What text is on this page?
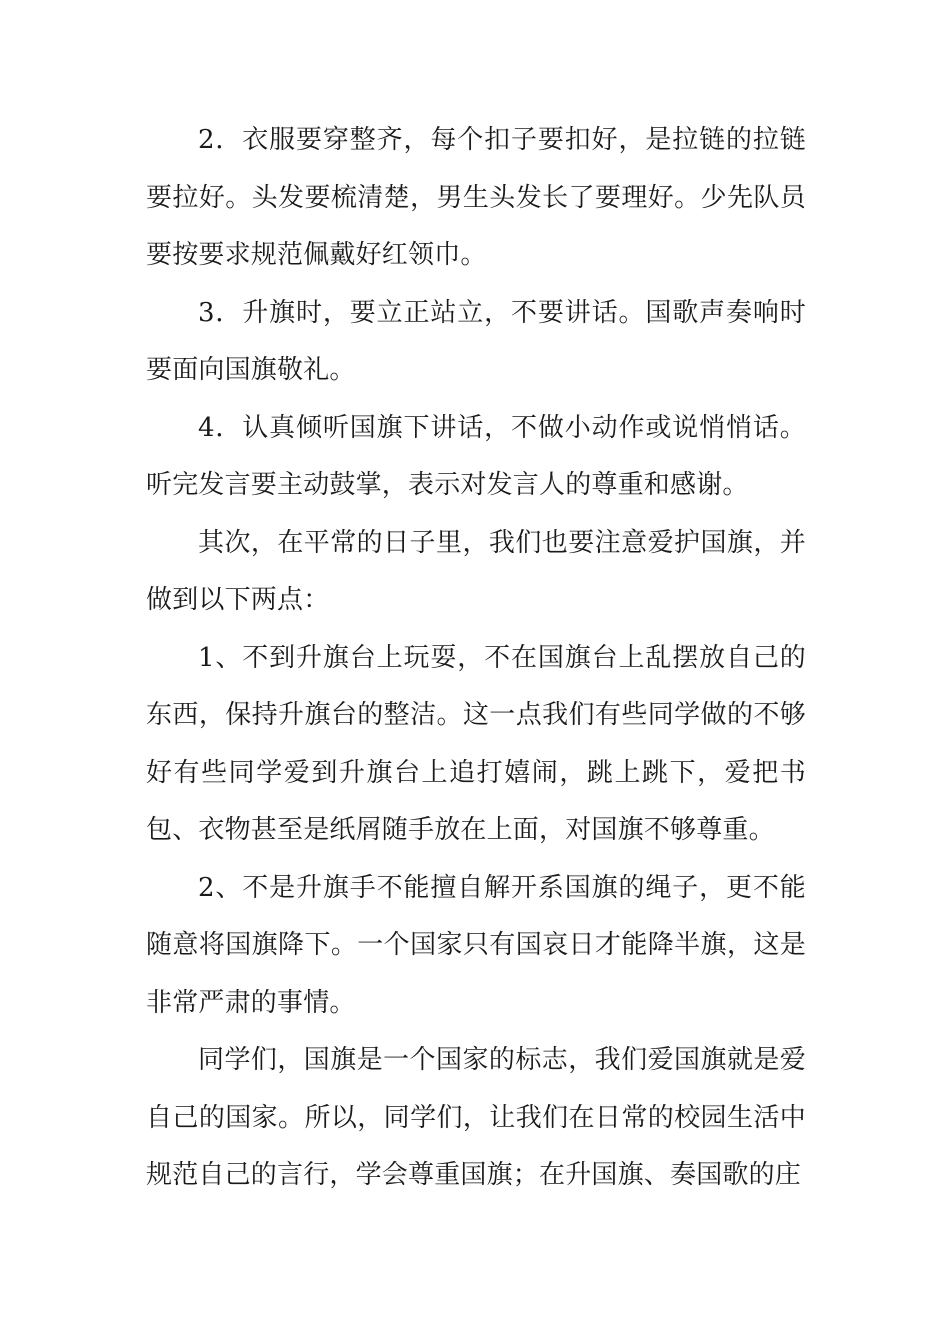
2．衣服要穿整齐，每个扣子要扣好，是拉链的拉链要拉好。头发要梳清楚，男生头发长了要理好。少先队员要按要求规范佩戴好红领巾。

3．升旗时，要立正站立，不要讲话。国歌声奏响时要面向国旗敬礼。

4．认真倾听国旗下讲话，不做小动作或说悄悄话。听完发言要主动鼓掌，表示对发言人的尊重和感谢。

其次，在平常的日子里，我们也要注意爱护国旗，并做到以下两点：

1、不到升旗台上玩耍，不在国旗台上乱摆放自己的东西，保持升旗台的整洁。这一点我们有些同学做的不够好有些同学爱到升旗台上追打嬉闹，跳上跳下，爱把书包、衣物甚至是纸屑随手放在上面，对国旗不够尊重。

2、不是升旗手不能擅自解开系国旗的绳子，更不能随意将国旗降下。一个国家只有国哀日才能降半旗，这是非常严肃的事情。

同学们，国旗是一个国家的标志，我们爱国旗就是爱自己的国家。所以，同学们，让我们在日常的校园生活中规范自己的言行，学会尊重国旗；在升国旗、奏国歌的庄
